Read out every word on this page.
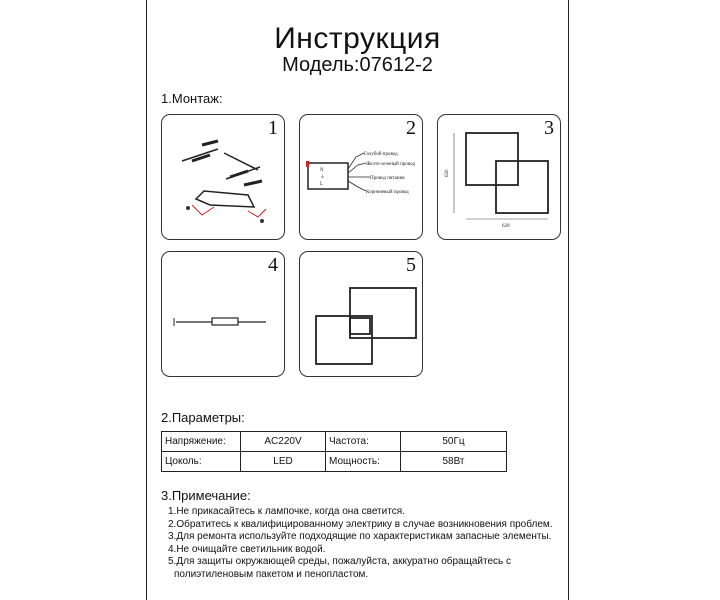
Инструкция
Модель:07612-2
1.Монтаж:
1	2
N
⏚
L
Голубой провод
Желто-зеленый провод
Провод питания
Коричневый провод
3
620
620
4	5
2.Параметры:
Напряжение:	AC220V	Частота:	50Гц
Цоколь:	LED	Мощность:	58Вт
3.Примечание:
1.Не прикасайтесь к лампочке, когда она светится.
2.Обратитесь к квалифицированному электрику в случае возникновения проблем.
3.Для ремонта используйте подходящие по характеристикам запасные элементы.
4.Не очищайте светильник водой.
5.Для защиты окружающей среды, пожалуйста, аккуратно обращайтесь с
полиэтиленовым пакетом и пенопластом.
